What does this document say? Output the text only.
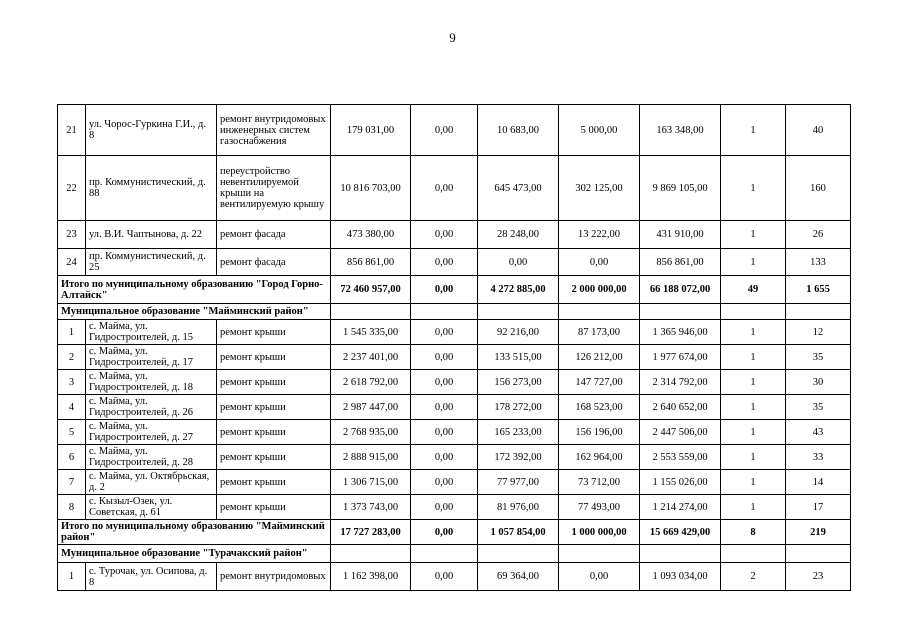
9
21	ул. Чорос-Гуркина Г.И., д. 8	ремонт внутридомовых инженерных систем газоснабжения	179 031,00	0,00	10 683,00	5 000,00	163 348,00	1	40
22	пр. Коммунистический, д. 88	переустройство невентилируемой крыши на вентилируемую крышу	10 816 703,00	0,00	645 473,00	302 125,00	9 869 105,00	1	160
23	ул. В.И. Чаптынова, д. 22	ремонт фасада	473 380,00	0,00	28 248,00	13 222,00	431 910,00	1	26
24	пр. Коммунистический, д. 25	ремонт фасада	856 861,00	0,00	0,00	0,00	856 861,00	1	133
Итого по муниципальному образованию "Город Горно-Алтайск"			72 460 957,00	0,00	4 272 885,00	2 000 000,00	66 188 072,00	49	1 655
Муниципальное образование "Майминский район"									
1	с. Майма, ул. Гидростроителей, д. 15	ремонт крыши	1 545 335,00	0,00	92 216,00	87 173,00	1 365 946,00	1	12
2	с. Майма, ул. Гидростроителей, д. 17	ремонт крыши	2 237 401,00	0,00	133 515,00	126 212,00	1 977 674,00	1	35
3	с. Майма, ул. Гидростроителей, д. 18	ремонт крыши	2 618 792,00	0,00	156 273,00	147 727,00	2 314 792,00	1	30
4	с. Майма, ул. Гидростроителей, д. 26	ремонт крыши	2 987 447,00	0,00	178 272,00	168 523,00	2 640 652,00	1	35
5	с. Майма, ул. Гидростроителей, д. 27	ремонт крыши	2 768 935,00	0,00	165 233,00	156 196,00	2 447 506,00	1	43
6	с. Майма, ул. Гидростроителей, д. 28	ремонт крыши	2 888 915,00	0,00	172 392,00	162 964,00	2 553 559,00	1	33
7	с. Майма, ул. Октябрьская, д. 2	ремонт крыши	1 306 715,00	0,00	77 977,00	73 712,00	1 155 026,00	1	14
8	с. Кызыл-Озек, ул. Советская, д. 61	ремонт крыши	1 373 743,00	0,00	81 976,00	77 493,00	1 214 274,00	1	17
Итого по муниципальному образованию "Майминский район"			17 727 283,00	0,00	1 057 854,00	1 000 000,00	15 669 429,00	8	219
Муниципальное образование "Турачакский район"									
1	с. Турочак, ул. Осипова, д. 8	ремонт внутридомовых	1 162 398,00	0,00	69 364,00	0,00	1 093 034,00	2	23
